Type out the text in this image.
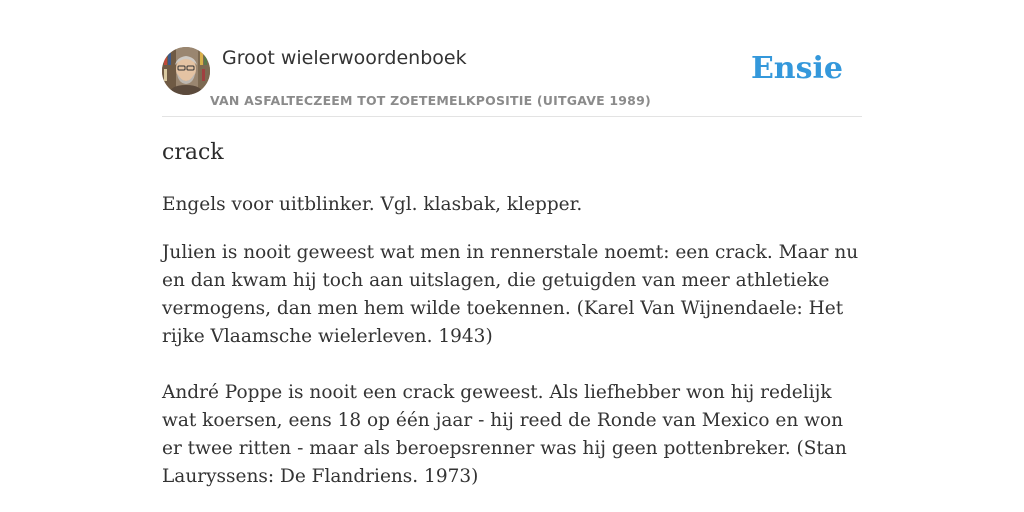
Groot wielerwoordenboek
VAN ASFALTECZEEM TOT ZOETEMELKPOSITIE (UITGAVE 1989)
Ensie
crack

Engels voor uitblinker. Vgl. klasbak, klepper.

Julien is nooit geweest wat men in rennerstale noemt: een crack. Maar nu en dan kwam hij toch aan uitslagen, die getuigden van meer athletieke vermogens, dan men hem wilde toekennen. (Karel Van Wijnendaele: Het rijke Vlaamsche wielerleven. 1943)

André Poppe is nooit een crack geweest. Als liefhebber won hij redelijk wat koersen, eens 18 op één jaar - hij reed de Ronde van Mexico en won er twee ritten - maar als beroepsrenner was hij geen pottenbreker. (Stan Lauryssens: De Flandriens. 1973)
